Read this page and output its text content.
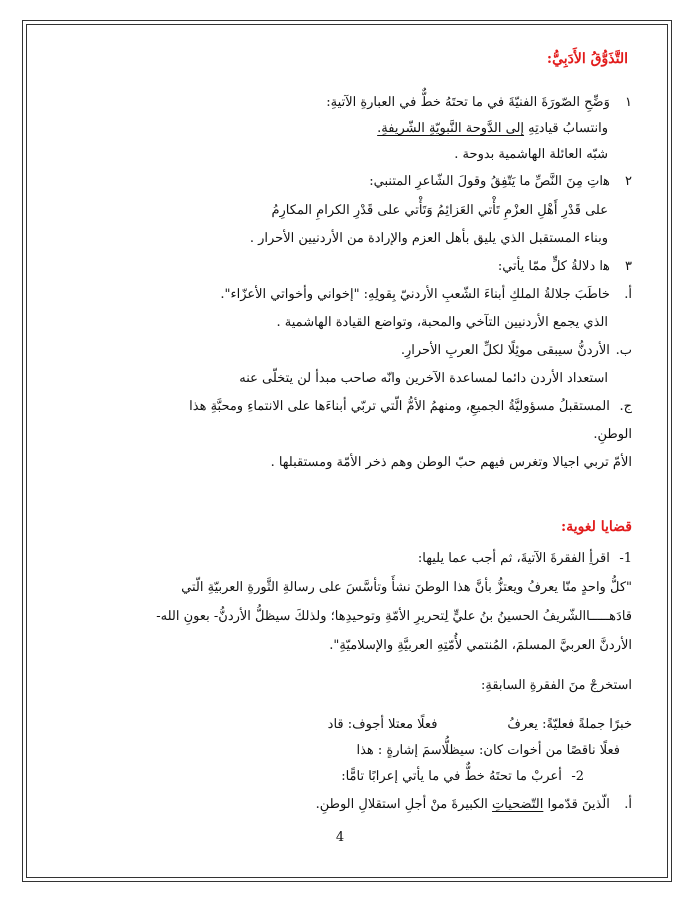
التَّذَوُّقُ الأَدَبِيُّ:
١ وَضِّحِ الصّورَةَ الفنيّةَ في ما تحتَهُ خطٌّ في العبارةِ الآتيةِ:
وانتسابُ قيادتِهِ إلى الدَّوحة النَّبويّةِ الشّريفةِ.
شبّه العائلة الهاشمية بدوحة .
٢ ﮬاتِ مِنَ النَّصِّ ما يَتّفِقُ وقولَ الشّاعرِ المتنبي:
على قَدْرِ أَهْلِ العزْمِ تَأْتي العَزائِمُ وَتَأْتي على قَدْرِ الكرامِ المكارِمُ
وبناء المستقبل الذي يليق بأهل العزم والإرادة من الأردنيين الأحرار .
٣ ﮬا دلالةُ كلٍّ ممّا يأتي:
أ. خاطَبَ جلالةُ الملكِ أبناءَ الشّعبِ الأردنيّ بِقولِهِ: "إخواني وأخواتي الأعزّاء".
الذي يجمع الأردنيين التآخي والمحبة، وتواضع القيادة الهاشمية .
ب. الأردنُّ سيبقى موئِلًا لكلِّ العربِ الأحرارِ.
استعداد الأردن دائما لمساعدة الآخرين وانّه صاحب مبدأ لن يتخلّى عنه
ج. المستقبلُ مسؤوليَّةُ الجميعِ، ومنهمُ الأمُّ الّتي تربّي أبناءَها على الانتماءِ ومحبَّةِ هذا
الوطنِ.
الأمّ تربي اجيالا وتغرس فيهم حبّ الوطن وهم ذخر الأمّة ومستقبلها .
قضايا لغوية:
1- اقرأِ الفقرةَ الآتيةَ، ثم أجب عما يليها:
"كلُّ واحدٍ منّا يعرفُ ويعتزُّ بأنَّ هذا الوطنَ نشأَ وتأسَّسَ على رسالةِ الثَّورةِ العربيّةِ الّتي
قادَهـــــاالشّريفُ الحسينُ بنُ عليٍّ لِتحريرِ الأمّةِ وتوحيدِها؛ ولذلكَ سيظلُّ الأردنُّ- بعونِ الله-
الأردنَّ العربيَّ المسلمَ، المُنتمي لأُمّتِهِ العربيَّةِ والإسلاميّةِ".
استخرجْ منَ الفقرةِ السابقةِ:
خبرًا جملةً فعليّةً: يعرفُفعلًا معتلا أجوف: قاد
فعلًا ناقصًا من أخوات كان: سيظلُّاسمَ إشارةٍ : هذا
2- أعربْ ما تحتَهُ خطٌّ في ما يأتي إعرابًا تامًّا:
أ. الّذينَ قدّموا التّضحياتِ الكبيرةَ منْ أجلِ استقلالِ الوطنِ.
4
